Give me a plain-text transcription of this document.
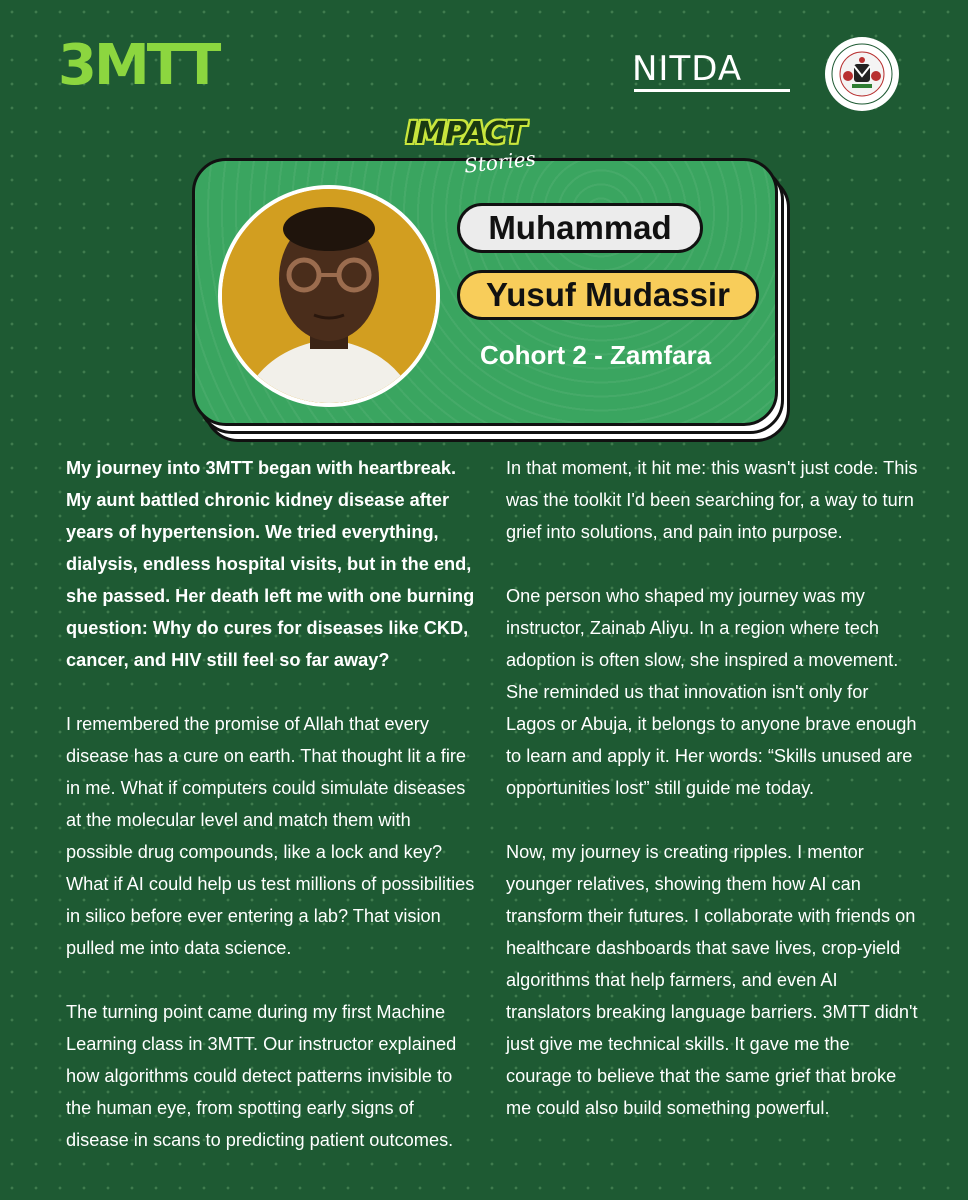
3MTT	NITDA
IMPACT
Stories
Muhammad
Yusuf Mudassir
Cohort 2 - Zamfara

My journey into 3MTT began with heartbreak. My aunt battled chronic kidney disease after years of hypertension. We tried everything, dialysis, endless hospital visits, but in the end, she passed. Her death left me with one burning question: Why do cures for diseases like CKD, cancer, and HIV still feel so far away?

I remembered the promise of Allah that every disease has a cure on earth. That thought lit a fire in me. What if computers could simulate diseases at the molecular level and match them with possible drug compounds, like a lock and key? What if AI could help us test millions of possibilities in silico before ever entering a lab? That vision pulled me into data science.

The turning point came during my first Machine Learning class in 3MTT. Our instructor explained how algorithms could detect patterns invisible to the human eye, from spotting early signs of disease in scans to predicting patient outcomes.

In that moment, it hit me: this wasn't just code. This was the toolkit I'd been searching for, a way to turn grief into solutions, and pain into purpose.

One person who shaped my journey was my instructor, Zainab Aliyu. In a region where tech adoption is often slow, she inspired a movement. She reminded us that innovation isn't only for Lagos or Abuja, it belongs to anyone brave enough to learn and apply it. Her words: “Skills unused are opportunities lost” still guide me today.

Now, my journey is creating ripples. I mentor younger relatives, showing them how AI can transform their futures. I collaborate with friends on healthcare dashboards that save lives, crop-yield algorithms that help farmers, and even AI translators breaking language barriers. 3MTT didn't just give me technical skills. It gave me the courage to believe that the same grief that broke me could also build something powerful.
